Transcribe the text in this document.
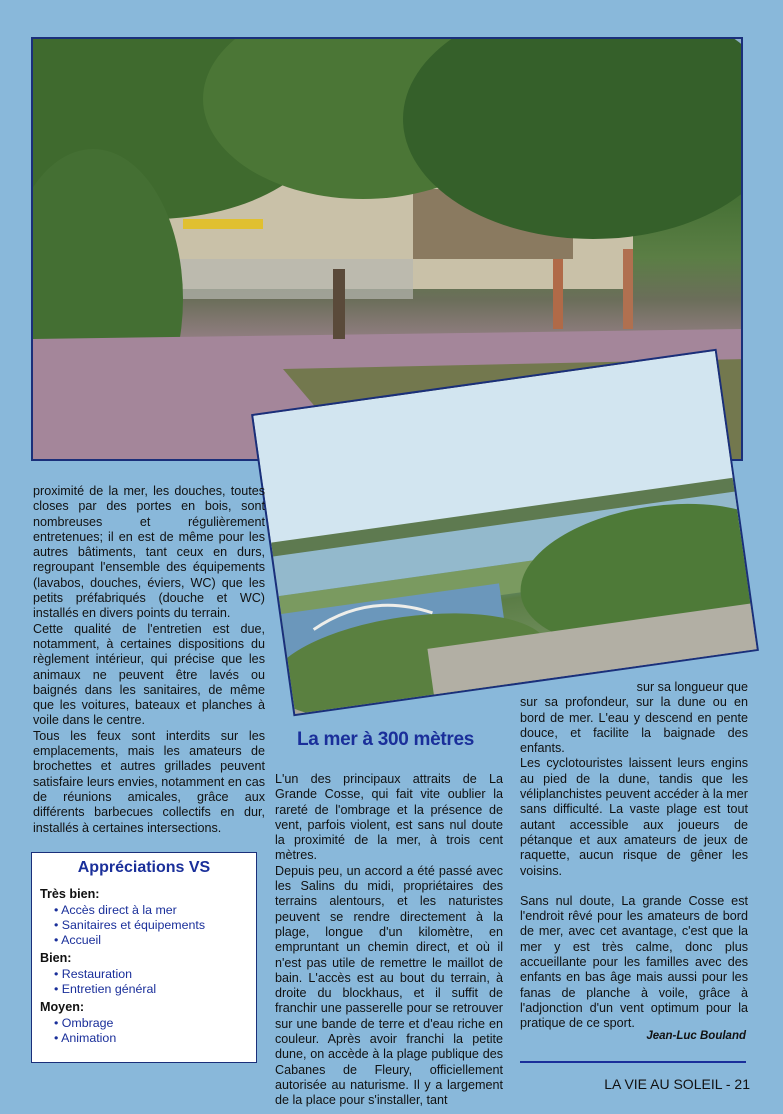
proximité de la mer, les douches, toutes closes par des portes en bois, sont nombreuses et régulièrement entretenues; il en est de même pour les autres bâtiments, tant ceux en durs, regroupant l'ensemble des équipements (lavabos, douches, éviers, WC) que les petits préfabriqués (douche et WC) installés en divers points du terrain.

Cette qualité de l'entretien est due, notamment, à certaines dispositions du règlement intérieur, qui précise que les animaux ne peuvent être lavés ou baignés dans les sanitaires, de même que les voitures, bateaux et planches à voile dans le centre.

Tous les feux sont interdits sur les emplacements, mais les amateurs de brochettes et autres grillades peuvent satisfaire leurs envies, notamment en cas de réunions amicales, grâce aux différents barbecues collectifs en dur, installés à certaines intersections.

La mer à 300 mètres

L'un des principaux attraits de La Grande Cosse, qui fait vite oublier la rareté de l'ombrage et la présence de vent, parfois violent, est sans nul doute la proximité de la mer, à trois cent mètres.

Depuis peu, un accord a été passé avec les Salins du midi, propriétaires des terrains alentours, et les naturistes peuvent se rendre directement à la plage, longue d'un kilomètre, en empruntant un chemin direct, et où il n'est pas utile de remettre le maillot de bain. L'accès est au bout du terrain, à droite du blockhaus, et il suffit de franchir une passerelle pour se retrouver sur une bande de terre et d'eau riche en couleur. Après avoir franchi la petite dune, on accède à la plage publique des Cabanes de Fleury, officiellement autorisée au naturisme. Il y a largement de la place pour s'installer, tant

sur sa longueur que

sur sa profondeur, sur la dune ou en bord de mer. L'eau y descend en pente douce, et facilite la baignade des enfants.

Les cyclotouristes laissent leurs engins au pied de la dune, tandis que les véliplanchistes peuvent accéder à la mer sans difficulté. La vaste plage est tout autant accessible aux joueurs de pétanque et aux amateurs de jeux de raquette, aucun risque de gêner les voisins.

Sans nul doute, La grande Cosse est l'endroit rêvé pour les amateurs de bord de mer, avec cet avantage, c'est que la mer y est très calme, donc plus accueillante pour les familles avec des enfants en bas âge mais aussi pour les fanas de planche à voile, grâce à l'adjonction d'un vent optimum pour la pratique de ce sport.

Appréciations VS

Très bien:

• Accès direct à la mer

• Sanitaires et équipements

• Accueil

Bien:

• Restauration

• Entretien général

Moyen:

• Ombrage

• Animation	Jean-Luc Bouland
LA VIE AU SOLEIL - 21
